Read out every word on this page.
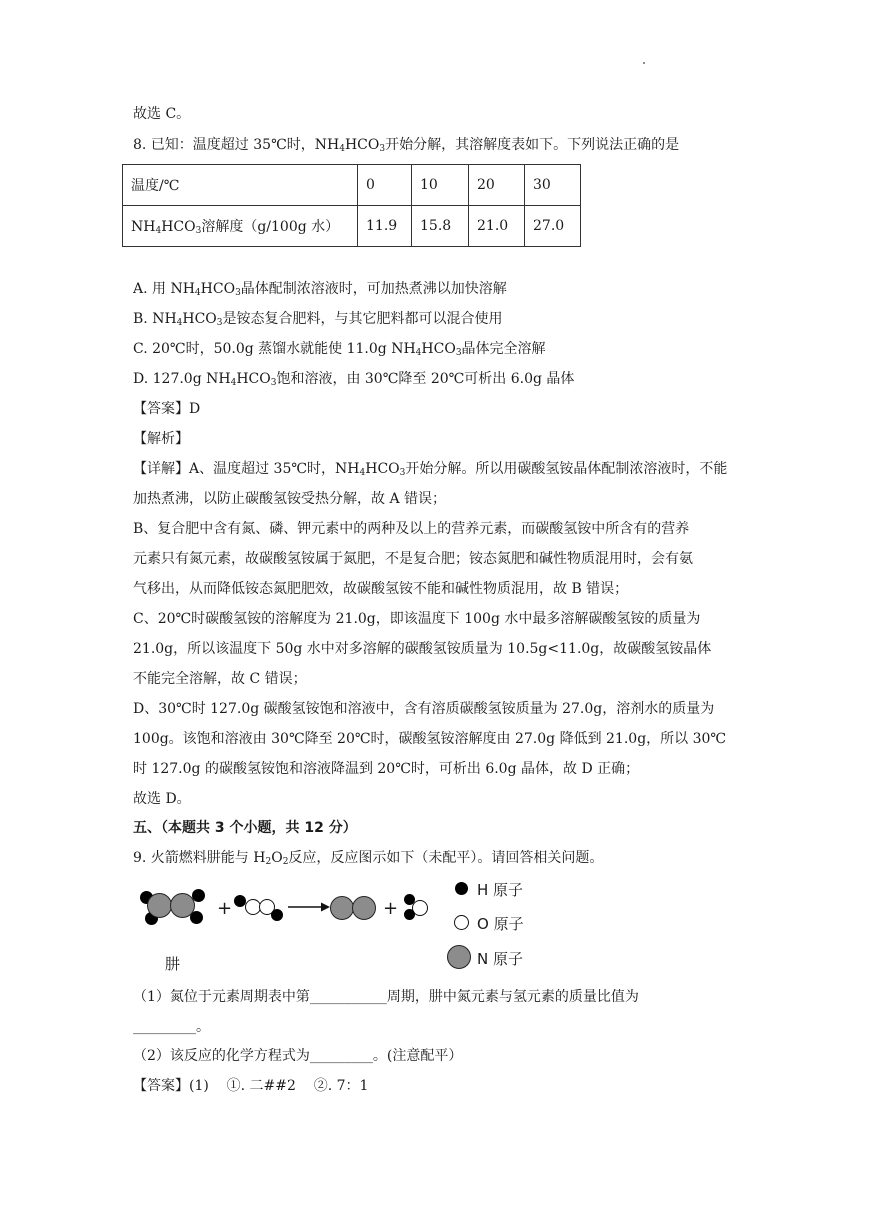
故选 C。
8. 已知：温度超过 35℃时，$NH_4HCO_3$开始分解，其溶解度表如下。下列说法正确的是
温度/℃	0	10	20	30
$NH_4HCO_3$溶解度（g/100g 水）	11.9	15.8	21.0	27.0
A. 用 $NH_4HCO_3$晶体配制浓溶液时，可加热煮沸以加快溶解
B. $NH_4HCO_3$是铵态复合肥料，与其它肥料都可以混合使用
C. 20℃时，50.0g 蒸馏水就能使 11.0g $NH_4HCO_3$晶体完全溶解
D. 127.0g $NH_4HCO_3$饱和溶液，由 30℃降至 20℃可析出 6.0g 晶体
【答案】D
【解析】
【详解】A、温度超过 35℃时，$NH_4HCO_3$开始分解。所以用碳酸氢铵晶体配制浓溶液时，不能
加热煮沸，以防止碳酸氢铵受热分解，故 A 错误；
B、复合肥中含有氮、磷、钾元素中的两种及以上的营养元素，而碳酸氢铵中所含有的营养
元素只有氮元素，故碳酸氢铵属于氮肥，不是复合肥；铵态氮肥和碱性物质混用时，会有氨
气移出，从而降低铵态氮肥肥效，故碳酸氢铵不能和碱性物质混用，故 B 错误；
C、20℃时碳酸氢铵的溶解度为 21.0g，即该温度下 100g 水中最多溶解碳酸氢铵的质量为
21.0g，所以该温度下 50g 水中对多溶解的碳酸氢铵质量为 10.5g<11.0g，故碳酸氢铵晶体
不能完全溶解，故 C 错误；
D、30℃时 127.0g 碳酸氢铵饱和溶液中，含有溶质碳酸氢铵质量为 27.0g，溶剂水的质量为
100g。该饱和溶液由 30℃降至 20℃时，碳酸氢铵溶解度由 27.0g 降低到 21.0g，所以 30℃
时 127.0g 的碳酸氢铵饱和溶液降温到 20℃时，可析出 6.0g 晶体，故 D 正确；
故选 D。
五、（本题共 3 个小题，共 12 分）
9. 火箭燃料肼能与 $H_2O_2$反应，反应图示如下（未配平）。请回答相关问题。
+	+
H 原子
O 原子
N 原子
肼
（1）氮位于元素周期表中第___________周期，肼中氮元素与氢元素的质量比值为
_________。
（2）该反应的化学方程式为_________。(注意配平）
【答案】(1)    ①. 二##2    ②. 7：1
